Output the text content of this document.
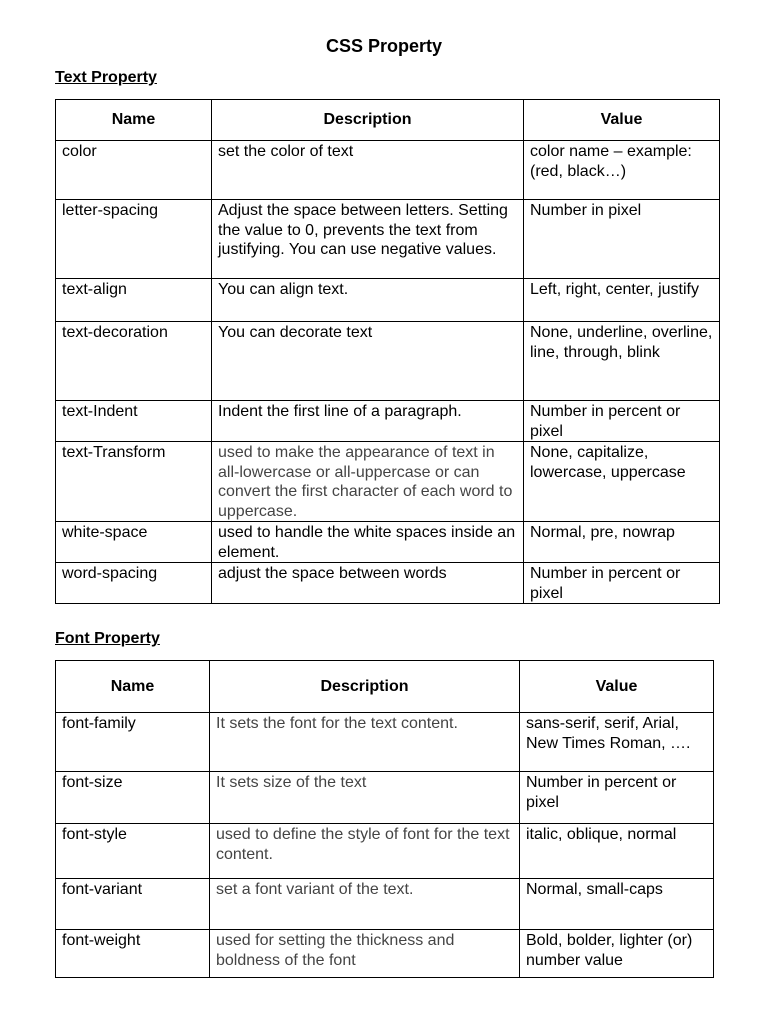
CSS Property
Text Property
Name	Description	Value
color	set the color of text	color name – example:(red, black…)
letter-spacing	Adjust the space between letters. Setting the value to 0, prevents the text from justifying. You can use negative values.	Number in pixel
text-align	You can align text.	Left, right, center, justify
text-decoration	You can decorate text	None, underline, overline, line, through, blink
text-Indent	Indent the first line of a paragraph.	Number in percent or pixel
text-Transform	used to make the appearance of text in all-lowercase or all-uppercase or can convert the first character of each word to uppercase.	None, capitalize, lowercase, uppercase
white-space	used to handle the white spaces inside an element.	Normal, pre, nowrap
word-spacing	adjust the space between words	Number in percent or pixel
Font Property
Name	Description	Value
font-family	It sets the font for the text content.	sans-serif, serif, Arial, New Times Roman, ….
font-size	It sets size of the text	Number in percent or pixel
font-style	used to define the style of font for the text content.	italic, oblique, normal
font-variant	set a font variant of the text.	Normal, small-caps
font-weight	used for setting the thickness and boldness of the font	Bold, bolder, lighter (or) number value
